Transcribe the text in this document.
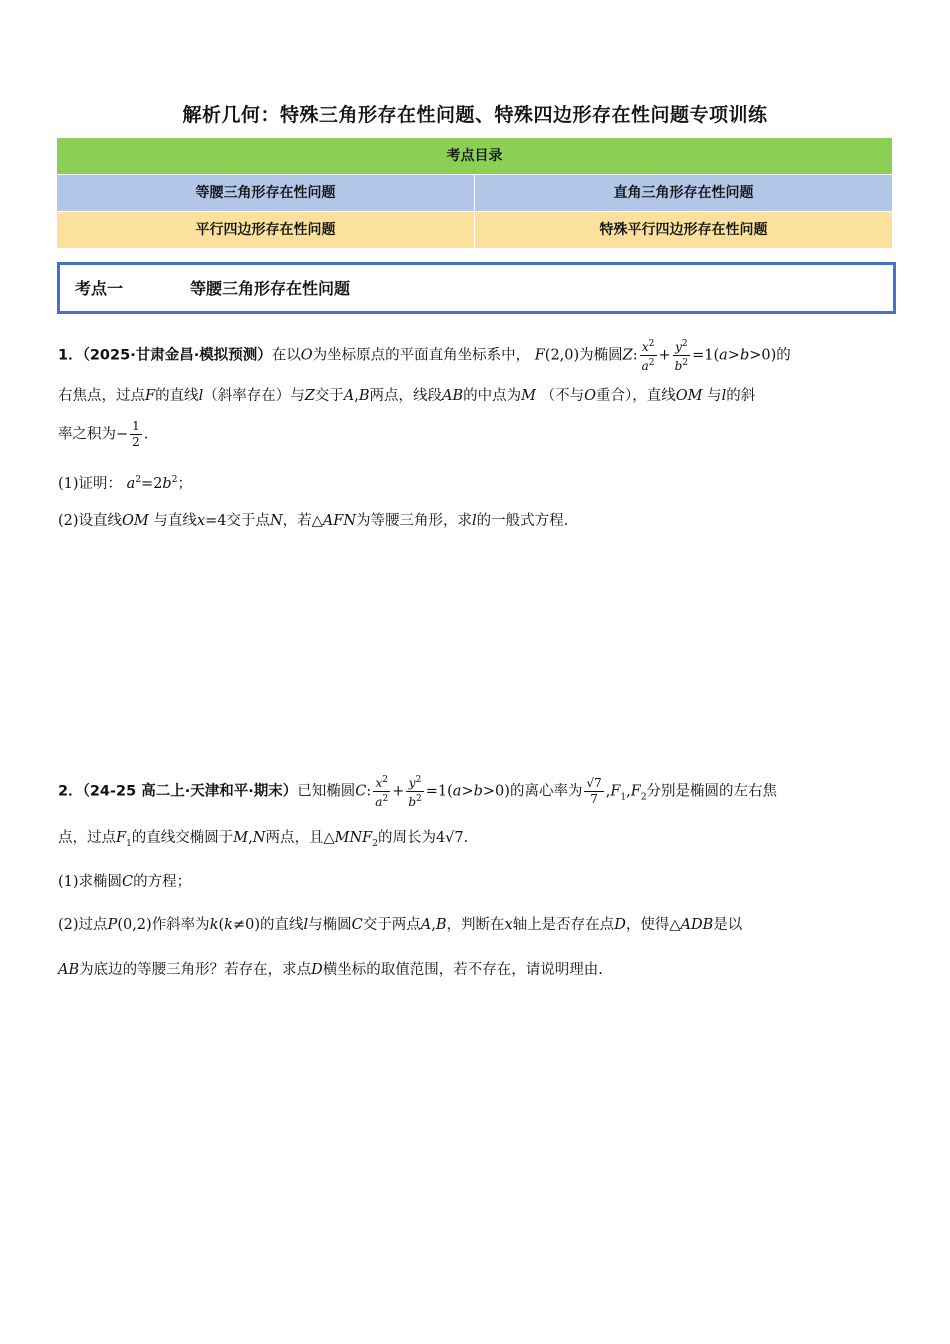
解析几何：特殊三角形存在性问题、特殊四边形存在性问题专项训练
考点目录
等腰三角形存在性问题	直角三角形存在性问题
平行四边形存在性问题	特殊平行四边形存在性问题
考点一	等腰三角形存在性问题
1．（2025·甘肃金昌·模拟预测）在以O为坐标原点的平面直角坐标系中， F(2,0)为椭圆Z: $\frac{x^2}{a^2} + \frac{y^2}{b^2} =1(a>b>0)$的
右焦点，过点F的直线l（斜率存在）与Z交于A,B两点，线段AB的中点为M （不与O重合），直线OM 与l的斜
率之积为− $\frac{1}{2}$ .
(1)证明： $a^2=2b^2$；
(2)设直线OM 与直线x=4交于点N，若△AFN为等腰三角形，求l的一般式方程.
2．（24-25 高二上·天津和平·期末）已知椭圆C: $\frac{x^2}{a^2} + \frac{y^2}{b^2} =1(a>b>0)$的离心率为 $\frac{√7}{7} ,F_1,F_2$分别是椭圆的左右焦
点，过点$F_1$的直线交椭圆于M,N两点，且$\triangle MNF_2$的周长为4√7.
(1)求椭圆C的方程；
(2)过点P(0,2)作斜率为k(k≠0)的直线l与椭圆C交于两点A,B，判断在x轴上是否存在点D，使得△ADB是以
AB为底边的等腰三角形？若存在，求点D横坐标的取值范围，若不存在，请说明理由.
